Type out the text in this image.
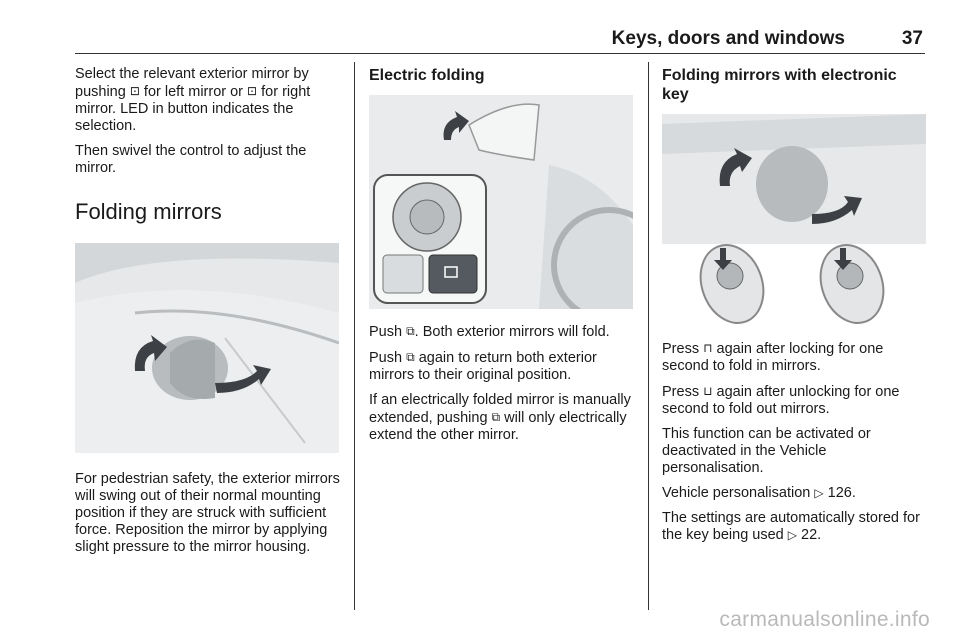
Keys, doors and windows	37

Select the relevant exterior mirror by pushing ⊡ for left mirror or ⊡ for right mirror. LED in button indicates the selection.

Then swivel the control to adjust the mirror.

Folding mirrors

For pedestrian safety, the exterior mirrors will swing out of their normal mounting position if they are struck with sufficient force. Reposition the mirror by applying slight pressure to the mirror housing.

Electric folding

Push ⧉. Both exterior mirrors will fold.

Push ⧉ again to return both exterior mirrors to their original position.

If an electrically folded mirror is manually extended, pushing ⧉ will only electrically extend the other mirror.

Folding mirrors with electronic key

Press ⊓ again after locking for one second to fold in mirrors.

Press ⊔ again after unlocking for one second to fold out mirrors.

This function can be activated or deactivated in the Vehicle personalisation.

Vehicle personalisation ▷ 126.

The settings are automatically stored for the key being used ▷ 22.

carmanualsonline.info
